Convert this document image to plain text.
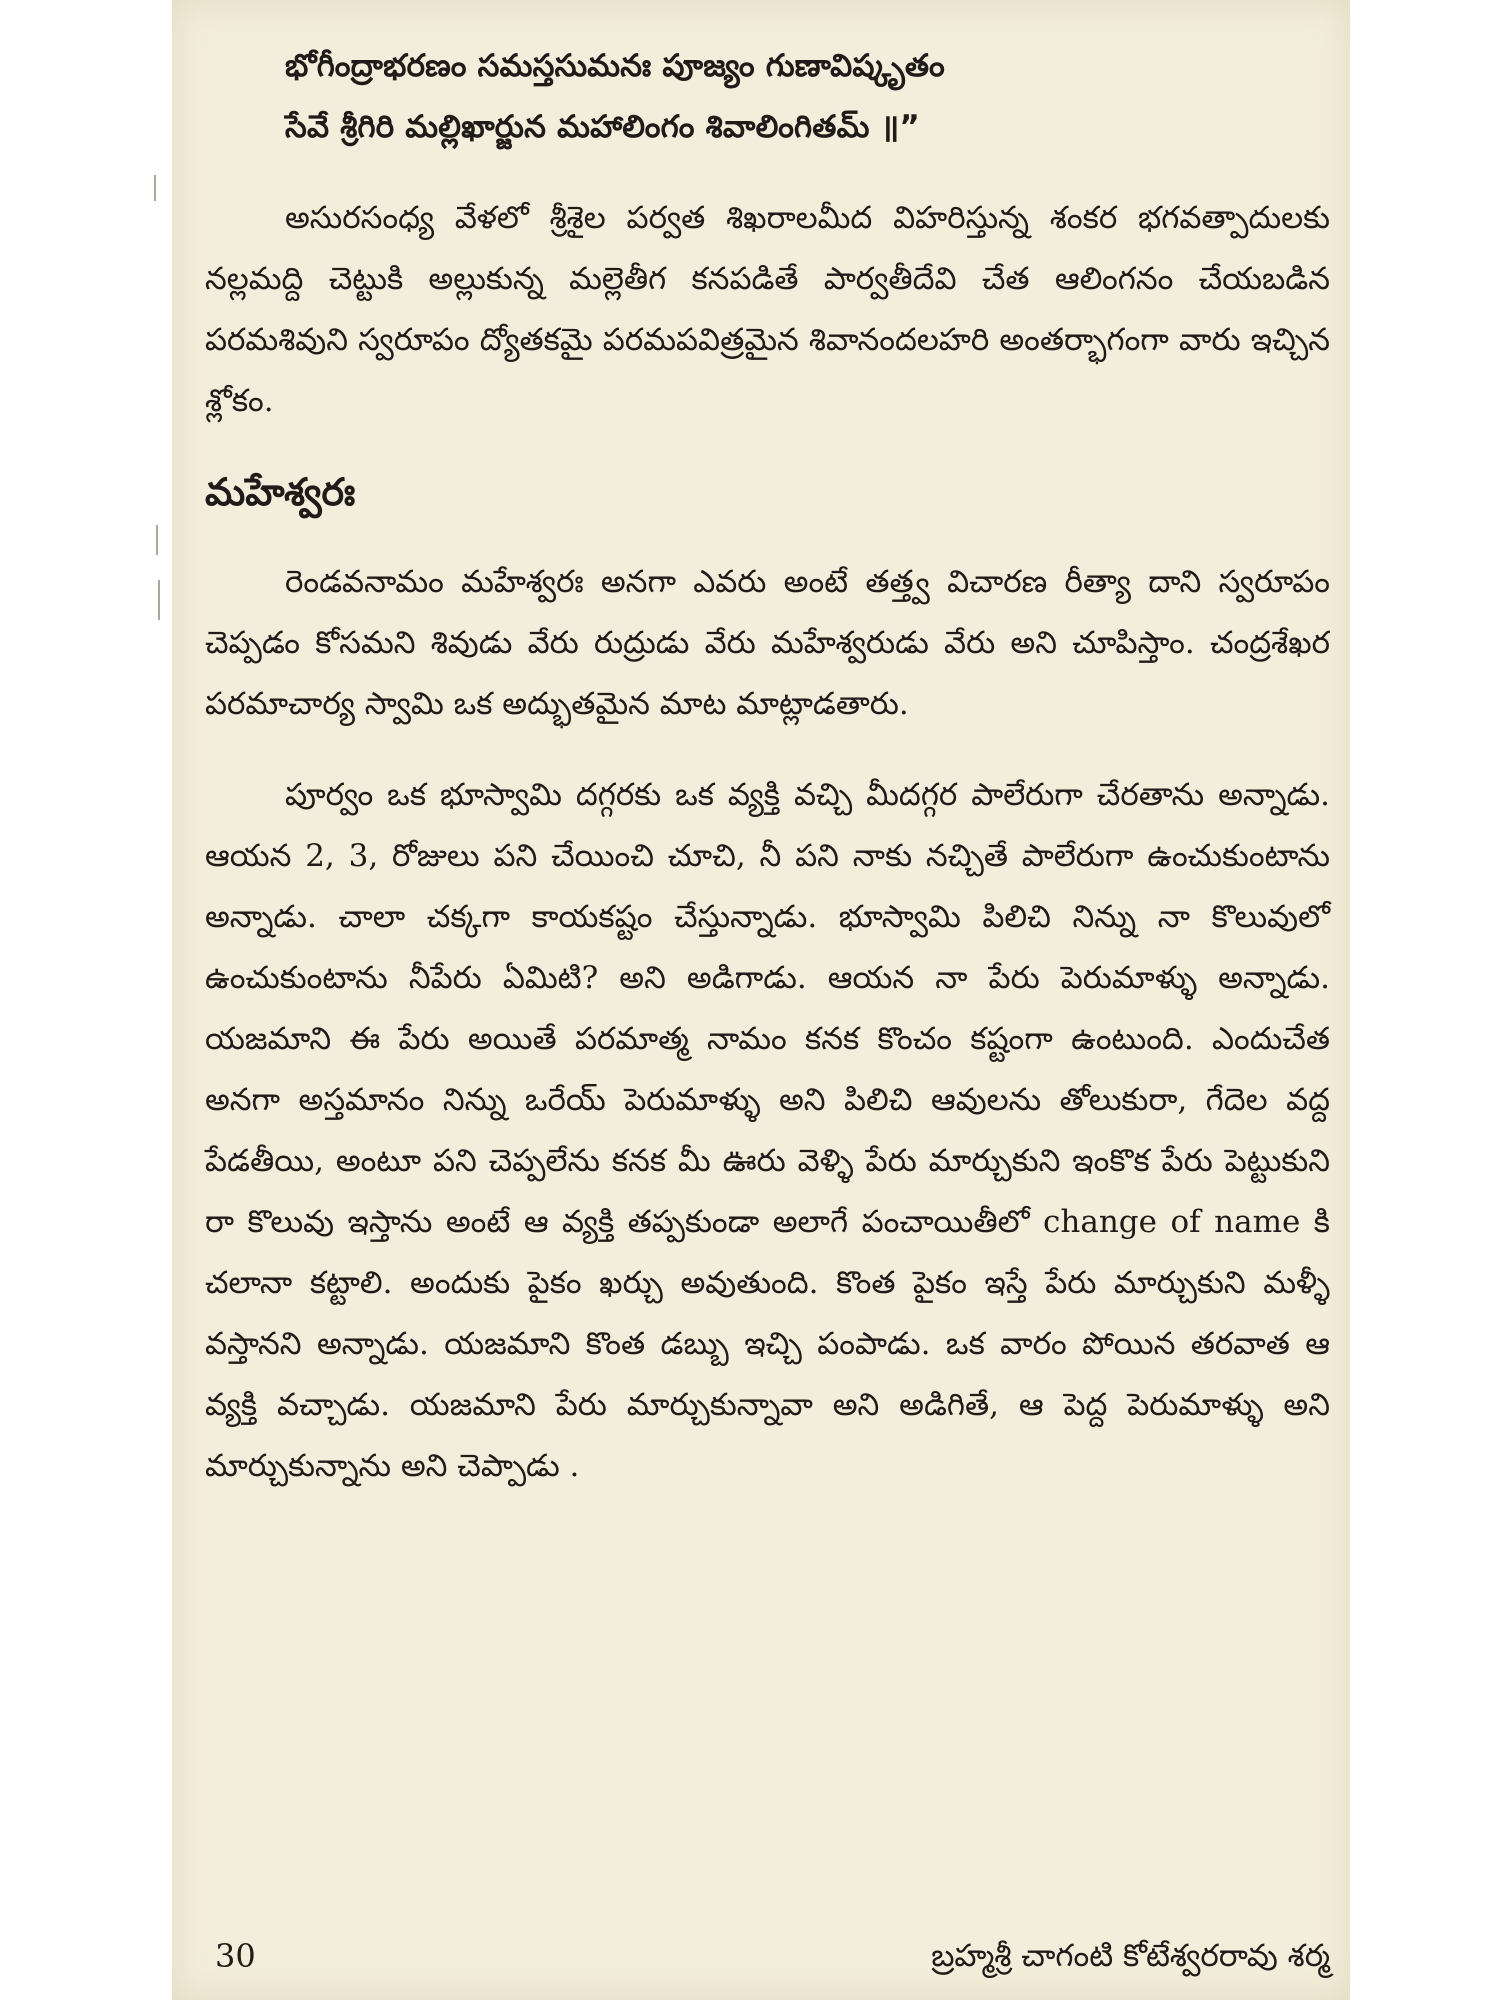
భోగీంద్రాభరణం సమస్తసుమనః పూజ్యం గుణావిష్కృతం
సేవే శ్రీగిరి మల్లిఖార్జున మహాలింగం శివాలింగితమ్ ॥”

అసురసంధ్య వేళలో శ్రీశైల పర్వత శిఖరాలమీద విహరిస్తున్న శంకర భగవత్పాదులకు నల్లమద్ది చెట్టుకి అల్లుకున్న మల్లెతీగ కనపడితే పార్వతీదేవి చేత ఆలింగనం చేయబడిన పరమశివుని స్వరూపం ద్యోతకమై పరమపవిత్రమైన శివానందలహరి అంతర్భాగంగా వారు ఇచ్చిన శ్లోకం.

మహేశ్వరః

రెండవనామం మహేశ్వరః అనగా ఎవరు అంటే తత్త్వ విచారణ రీత్యా దాని స్వరూపం చెప్పడం కోసమని శివుడు వేరు రుద్రుడు వేరు మహేశ్వరుడు వేరు అని చూపిస్తాం. చంద్రశేఖర పరమాచార్య స్వామి ఒక అద్భుతమైన మాట మాట్లాడతారు.

పూర్వం ఒక భూస్వామి దగ్గరకు ఒక వ్యక్తి వచ్చి మీదగ్గర పాలేరుగా చేరతాను అన్నాడు. ఆయన 2, 3, రోజులు పని చేయించి చూచి, నీ పని నాకు నచ్చితే పాలేరుగా ఉంచుకుంటాను అన్నాడు. చాలా చక్కగా కాయకష్టం చేస్తున్నాడు. భూస్వామి పిలిచి నిన్ను నా కొలువులో ఉంచుకుంటాను నీపేరు ఏమిటి? అని అడిగాడు. ఆయన నా పేరు పెరుమాళ్ళు అన్నాడు. యజమాని ఈ పేరు అయితే పరమాత్మ నామం కనక కొంచం కష్టంగా ఉంటుంది. ఎందుచేత అనగా అస్తమానం నిన్ను ఒరేయ్ పెరుమాళ్ళు అని పిలిచి ఆవులను తోలుకురా, గేదెల వద్ద పేడతీయి, అంటూ పని చెప్పలేను కనక మీ ఊరు వెళ్ళి పేరు మార్చుకుని ఇంకొక పేరు పెట్టుకుని రా కొలువు ఇస్తాను అంటే ఆ వ్యక్తి తప్పకుండా అలాగే పంచాయితీలో change of name కి చలానా కట్టాలి. అందుకు పైకం ఖర్చు అవుతుంది. కొంత పైకం ఇస్తే పేరు మార్చుకుని మళ్ళీ వస్తానని అన్నాడు. యజమాని కొంత డబ్బు ఇచ్చి పంపాడు. ఒక వారం పోయిన తరవాత ఆ వ్యక్తి వచ్చాడు. యజమాని పేరు మార్చుకున్నావా అని అడిగితే, ఆ పెద్ద పెరుమాళ్ళు అని మార్చుకున్నాను అని చెప్పాడు .

30	బ్రహ్మశ్రీ చాగంటి కోటేశ్వరరావు శర్మ
